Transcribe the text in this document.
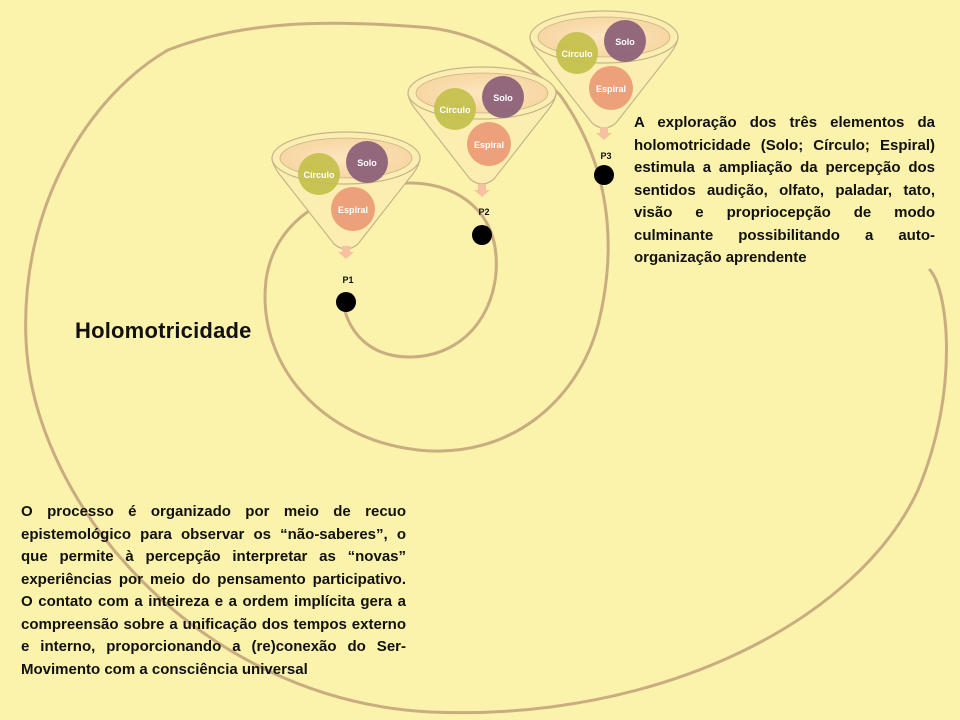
Círculo
Solo
Espiral
P1
Círculo
Solo
Espiral
P2
Círculo
Solo
Espiral
P3
Holomotricidade

A exploração dos três elementos da holomotricidade (Solo; Círculo; Espiral) estimula a ampliação da percepção dos sentidos audição, olfato, paladar, tato, visão e propriocepção de modo culminante possibilitando a auto-organização aprendente

O processo é organizado por meio de recuo epistemológico para observar os “não-saberes”, o que permite à percepção interpretar as “novas” experiências por meio do pensamento participativo. O contato com a inteireza e a ordem implícita gera a compreensão sobre a unificação dos tempos externo e interno, proporcionando a (re)conexão do Ser-Movimento com a consciência universal
